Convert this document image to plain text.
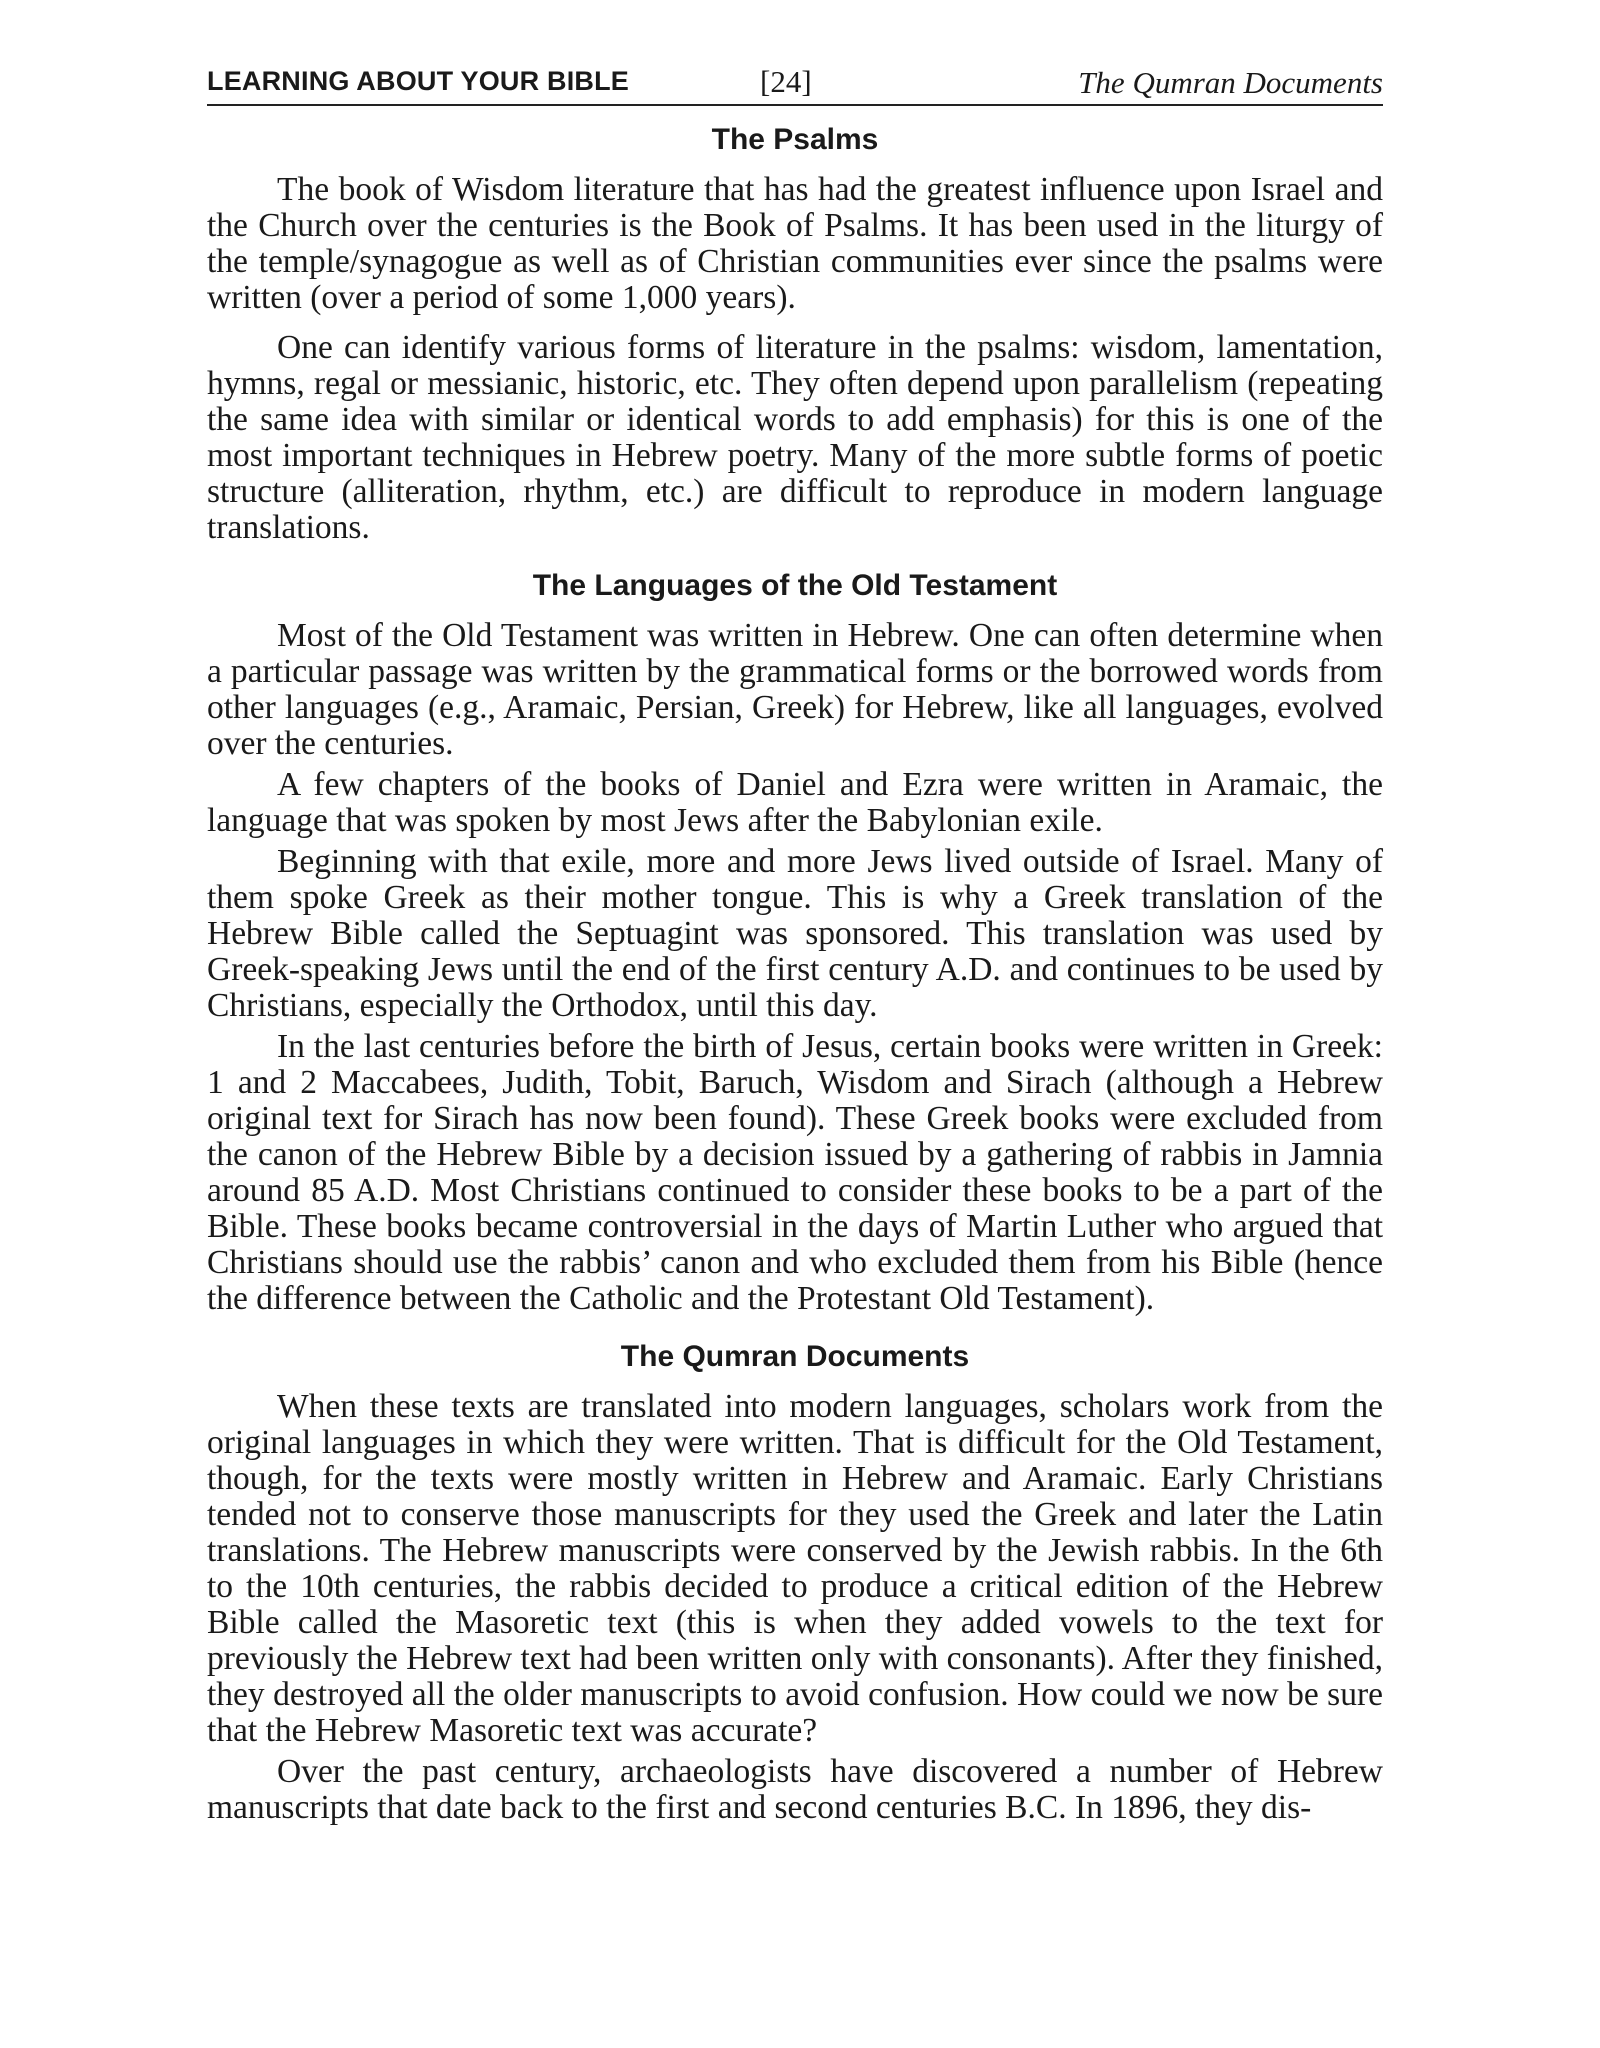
LEARNING ABOUT YOUR BIBLE	[24]	The Qumran Documents
The Psalms

The book of Wisdom literature that has had the greatest influence upon Israel and the Church over the centuries is the Book of Psalms. It has been used in the liturgy of the temple/synagogue as well as of Christian communities ever since the psalms were written (over a period of some 1,000 years).

One can identify various forms of literature in the psalms: wisdom, lamentation, hymns, regal or messianic, historic, etc. They often depend upon parallelism (repeating the same idea with similar or identical words to add emphasis) for this is one of the most important techniques in Hebrew poetry. Many of the more subtle forms of poetic structure (alliteration, rhythm, etc.) are difficult to reproduce in modern language translations.

The Languages of the Old Testament

Most of the Old Testament was written in Hebrew. One can often determine when a particular passage was written by the grammatical forms or the borrowed words from other languages (e.g., Aramaic, Persian, Greek) for Hebrew, like all languages, evolved over the centuries.

A few chapters of the books of Daniel and Ezra were written in Aramaic, the language that was spoken by most Jews after the Babylonian exile.

Beginning with that exile, more and more Jews lived outside of Israel. Many of them spoke Greek as their mother tongue. This is why a Greek translation of the Hebrew Bible called the Septuagint was sponsored. This translation was used by Greek-speaking Jews until the end of the first century A.D. and continues to be used by Christians, especially the Orthodox, until this day.

In the last centuries before the birth of Jesus, certain books were written in Greek: 1 and 2 Maccabees, Judith, Tobit, Baruch, Wisdom and Sirach (although a Hebrew original text for Sirach has now been found). These Greek books were excluded from the canon of the Hebrew Bible by a decision issued by a gathering of rabbis in Jamnia around 85 A.D. Most Christians continued to consider these books to be a part of the Bible. These books became controversial in the days of Martin Luther who argued that Christians should use the rabbis’ canon and who excluded them from his Bible (hence the difference between the Catholic and the Protestant Old Testament).

The Qumran Documents

When these texts are translated into modern languages, scholars work from the original languages in which they were written. That is difficult for the Old Testament, though, for the texts were mostly written in Hebrew and Aramaic. Early Christians tended not to conserve those manuscripts for they used the Greek and later the Latin translations. The Hebrew manuscripts were conserved by the Jewish rabbis. In the 6th to the 10th centuries, the rabbis decided to produce a critical edition of the Hebrew Bible called the Masoretic text (this is when they added vowels to the text for previously the Hebrew text had been written only with consonants). After they finished, they destroyed all the older manuscripts to avoid confusion. How could we now be sure that the Hebrew Masoretic text was accurate?

Over the past century, archaeologists have discovered a number of Hebrew manuscripts that date back to the first and second centuries B.C. In 1896, they dis-
